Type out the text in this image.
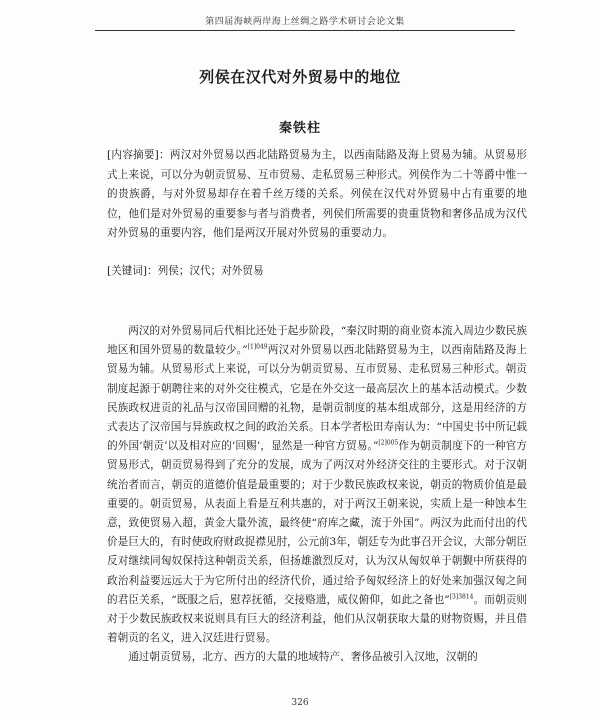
第四届海峡两岸海上丝绸之路学术研讨会论文集
列侯在汉代对外贸易中的地位
秦铁柱

[内容摘要]：两汉对外贸易以西北陆路贸易为主，以西南陆路及海上贸易为辅。从贸易形式上来说，可以分为朝贡贸易、互市贸易、走私贸易三种形式。列侯作为二十等爵中惟一的贵族爵，与对外贸易却存在着千丝万缕的关系。列侯在汉代对外贸易中占有重要的地位，他们是对外贸易的重要参与者与消费者，列侯们所需要的贵重货物和奢侈品成为汉代对外贸易的重要内容，他们是两汉开展对外贸易的重要动力。

[关键词]：列侯；汉代；对外贸易

两汉的对外贸易同后代相比还处于起步阶段，“秦汉时期的商业资本流入周边少数民族地区和国外贸易的数量较少。”$^{[1]049}$两汉对外贸易以西北陆路贸易为主，以西南陆路及海上贸易为辅。从贸易形式上来说，可以分为朝贡贸易、互市贸易、走私贸易三种形式。朝贡制度起源于朝聘往来的对外交往模式，它是在外交这一最高层次上的基本活动模式。少数民族政权进贡的礼品与汉帝国回赠的礼物，是朝贡制度的基本组成部分，这是用经济的方式表达了汉帝国与异族政权之间的政治关系。日本学者松田寿南认为：“中国史书中所记载的外国‘朝贡’以及相对应的‘回赐’，显然是一种官方贸易。”$^{[2]005}$作为朝贡制度下的一种官方贸易形式，朝贡贸易得到了充分的发展，成为了两汉对外经济交往的主要形式。对于汉朝统治者而言，朝贡的道德价值是最重要的；对于少数民族政权来说，朝贡的物质价值是最重要的。朝贡贸易，从表面上看是互利共惠的，对于两汉王朝来说，实质上是一种蚀本生意，致使贸易入超，黄金大量外流，最终使“府库之藏，流于外国”。两汉为此而付出的代价是巨大的，有时使政府财政捉襟见肘，公元前3年，朝廷专为此事召开会议，大部分朝臣反对继续同匈奴保持这种朝贡关系，但扬雄激烈反对，认为汉从匈奴单于朝觐中所获得的政治利益要远远大于为它所付出的经济代价，通过给予匈奴经济上的好处来加强汉匈之间的君臣关系，“既服之后，慰荐抚循，交接赂遗，威仪俯仰，如此之备也”$^{[3]3814}$。而朝贡则对于少数民族政权来说则具有巨大的经济利益，他们从汉朝获取大量的财物资赐，并且借着朝贡的名义，进入汉廷进行贸易。

通过朝贡贸易，北方、西方的大量的地域特产、奢侈品被引入汉地，汉朝的

326
